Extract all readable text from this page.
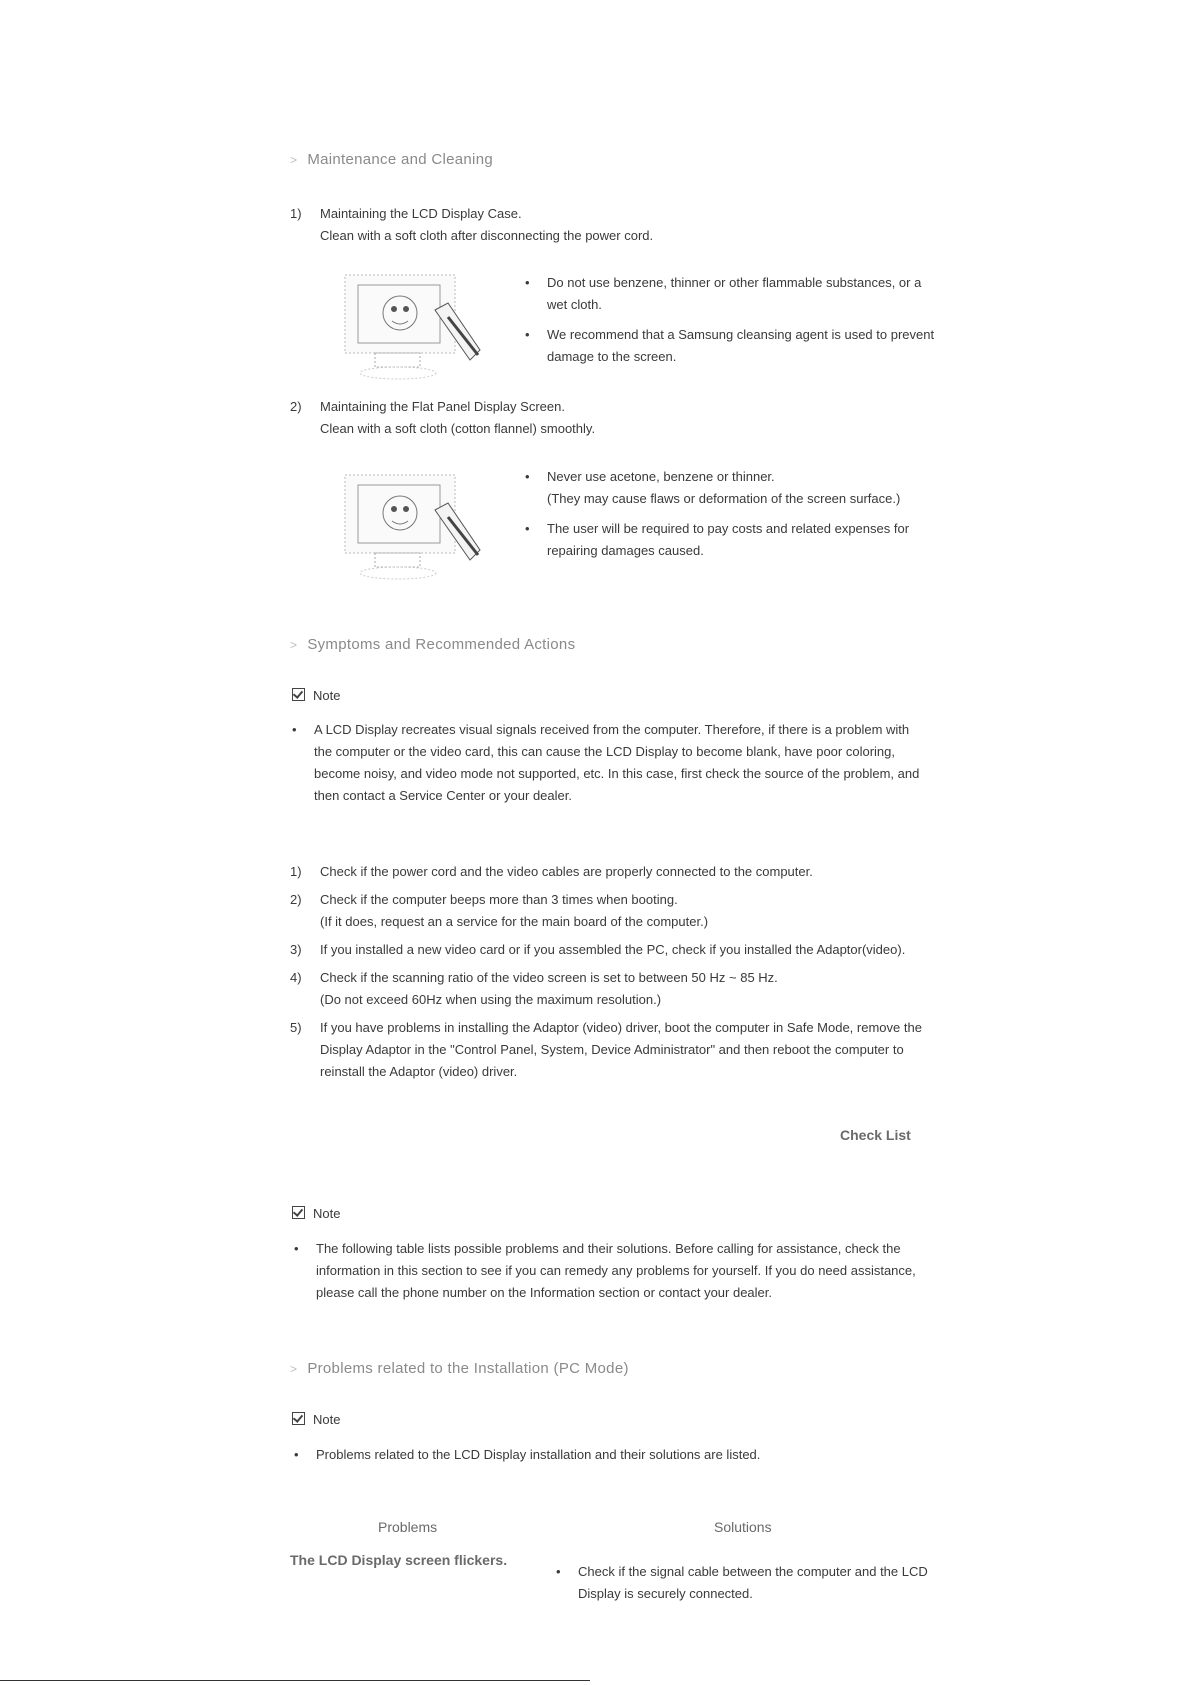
> Maintenance and Cleaning
1) Maintaining the LCD Display Case.
Clean with a soft cloth after disconnecting the power cord.
• Do not use benzene, thinner or other flammable substances, or a
wet cloth.
• We recommend that a Samsung cleansing agent is used to prevent
damage to the screen.
2) Maintaining the Flat Panel Display Screen.
Clean with a soft cloth (cotton flannel) smoothly.
• Never use acetone, benzene or thinner.
(They may cause flaws or deformation of the screen surface.)
• The user will be required to pay costs and related expenses for
repairing damages caused.
> Symptoms and Recommended Actions
Note
• A LCD Display recreates visual signals received from the computer. Therefore, if there is a problem with
the computer or the video card, this can cause the LCD Display to become blank, have poor coloring,
become noisy, and video mode not supported, etc. In this case, first check the source of the problem, and
then contact a Service Center or your dealer.
1) Check if the power cord and the video cables are properly connected to the computer.
2) Check if the computer beeps more than 3 times when booting.
(If it does, request an a service for the main board of the computer.)
3) If you installed a new video card or if you assembled the PC, check if you installed the Adaptor(video).
4) Check if the scanning ratio of the video screen is set to between 50 Hz ~ 85 Hz.
(Do not exceed 60Hz when using the maximum resolution.)
5) If you have problems in installing the Adaptor (video) driver, boot the computer in Safe Mode, remove the
Display Adaptor in the "Control Panel, System, Device Administrator" and then reboot the computer to
reinstall the Adaptor (video) driver.
Check List
Note
• The following table lists possible problems and their solutions. Before calling for assistance, check the
information in this section to see if you can remedy any problems for yourself. If you do need assistance,
please call the phone number on the Information section or contact your dealer.
> Problems related to the Installation (PC Mode)
Note
• Problems related to the LCD Display installation and their solutions are listed.
Problems	Solutions
The LCD Display screen flickers.
• Check if the signal cable between the computer and the LCD
Display is securely connected.
